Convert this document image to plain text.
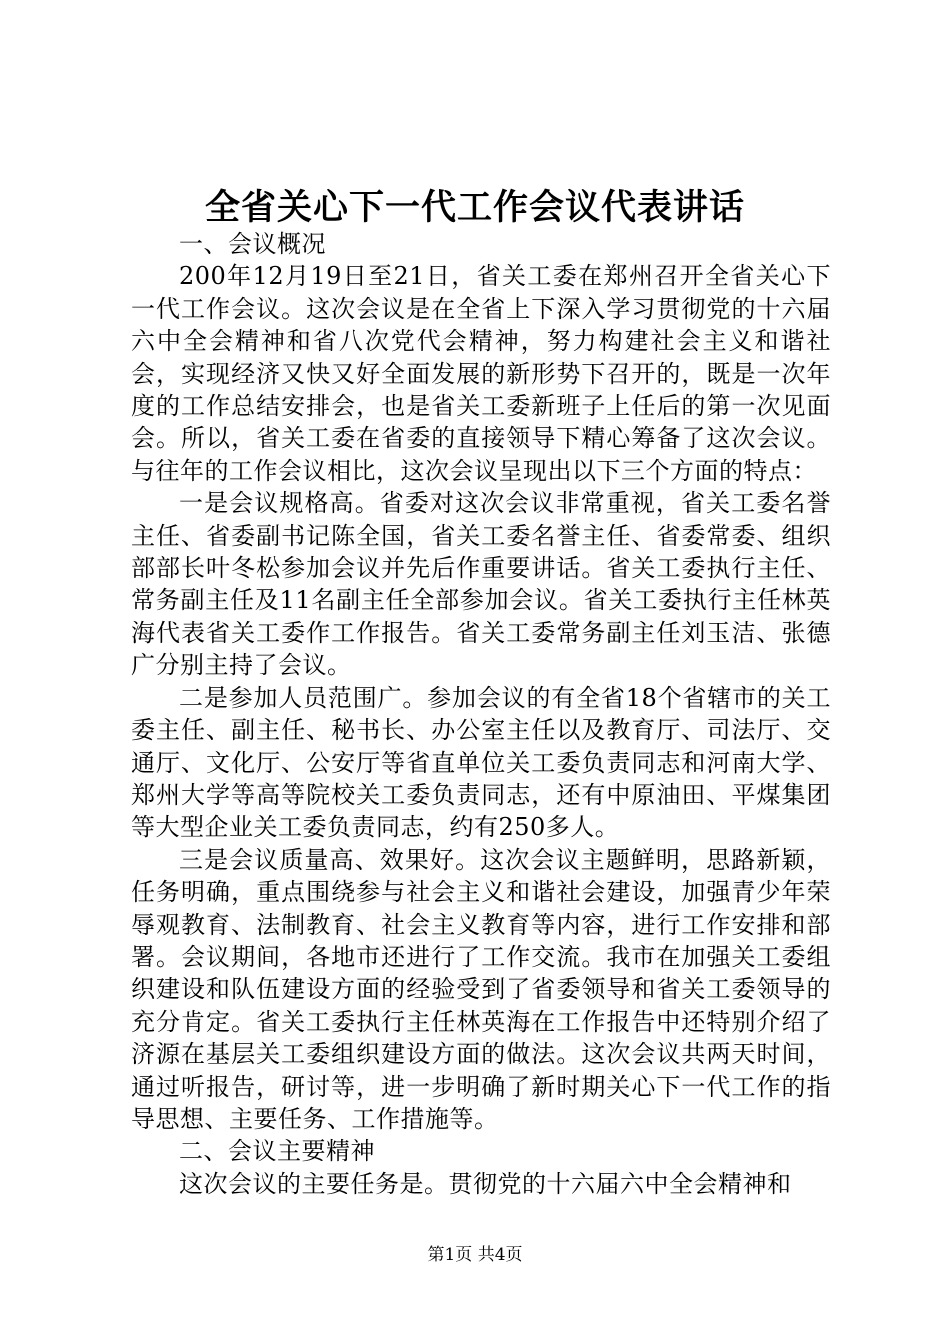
全省关心下一代工作会议代表讲话

一、会议概况

200年12月19日至21日，省关工委在郑州召开全省关心下一代工作会议。这次会议是在全省上下深入学习贯彻党的十六届六中全会精神和省八次党代会精神，努力构建社会主义和谐社会，实现经济又快又好全面发展的新形势下召开的，既是一次年度的工作总结安排会，也是省关工委新班子上任后的第一次见面会。所以，省关工委在省委的直接领导下精心筹备了这次会议。与往年的工作会议相比，这次会议呈现出以下三个方面的特点：

一是会议规格高。省委对这次会议非常重视，省关工委名誉主任、省委副书记陈全国，省关工委名誉主任、省委常委、组织部部长叶冬松参加会议并先后作重要讲话。省关工委执行主任、常务副主任及11名副主任全部参加会议。省关工委执行主任林英海代表省关工委作工作报告。省关工委常务副主任刘玉洁、张德广分别主持了会议。

二是参加人员范围广。参加会议的有全省18个省辖市的关工委主任、副主任、秘书长、办公室主任以及教育厅、司法厅、交通厅、文化厅、公安厅等省直单位关工委负责同志和河南大学、郑州大学等高等院校关工委负责同志，还有中原油田、平煤集团等大型企业关工委负责同志，约有250多人。

三是会议质量高、效果好。这次会议主题鲜明，思路新颖，任务明确，重点围绕参与社会主义和谐社会建设，加强青少年荣辱观教育、法制教育、社会主义教育等内容，进行工作安排和部署。会议期间，各地市还进行了工作交流。我市在加强关工委组织建设和队伍建设方面的经验受到了省委领导和省关工委领导的充分肯定。省关工委执行主任林英海在工作报告中还特别介绍了济源在基层关工委组织建设方面的做法。这次会议共两天时间，通过听报告，研讨等，进一步明确了新时期关心下一代工作的指导思想、主要任务、工作措施等。

二、会议主要精神

这次会议的主要任务是。贯彻党的十六届六中全会精神和

第1页 共4页
